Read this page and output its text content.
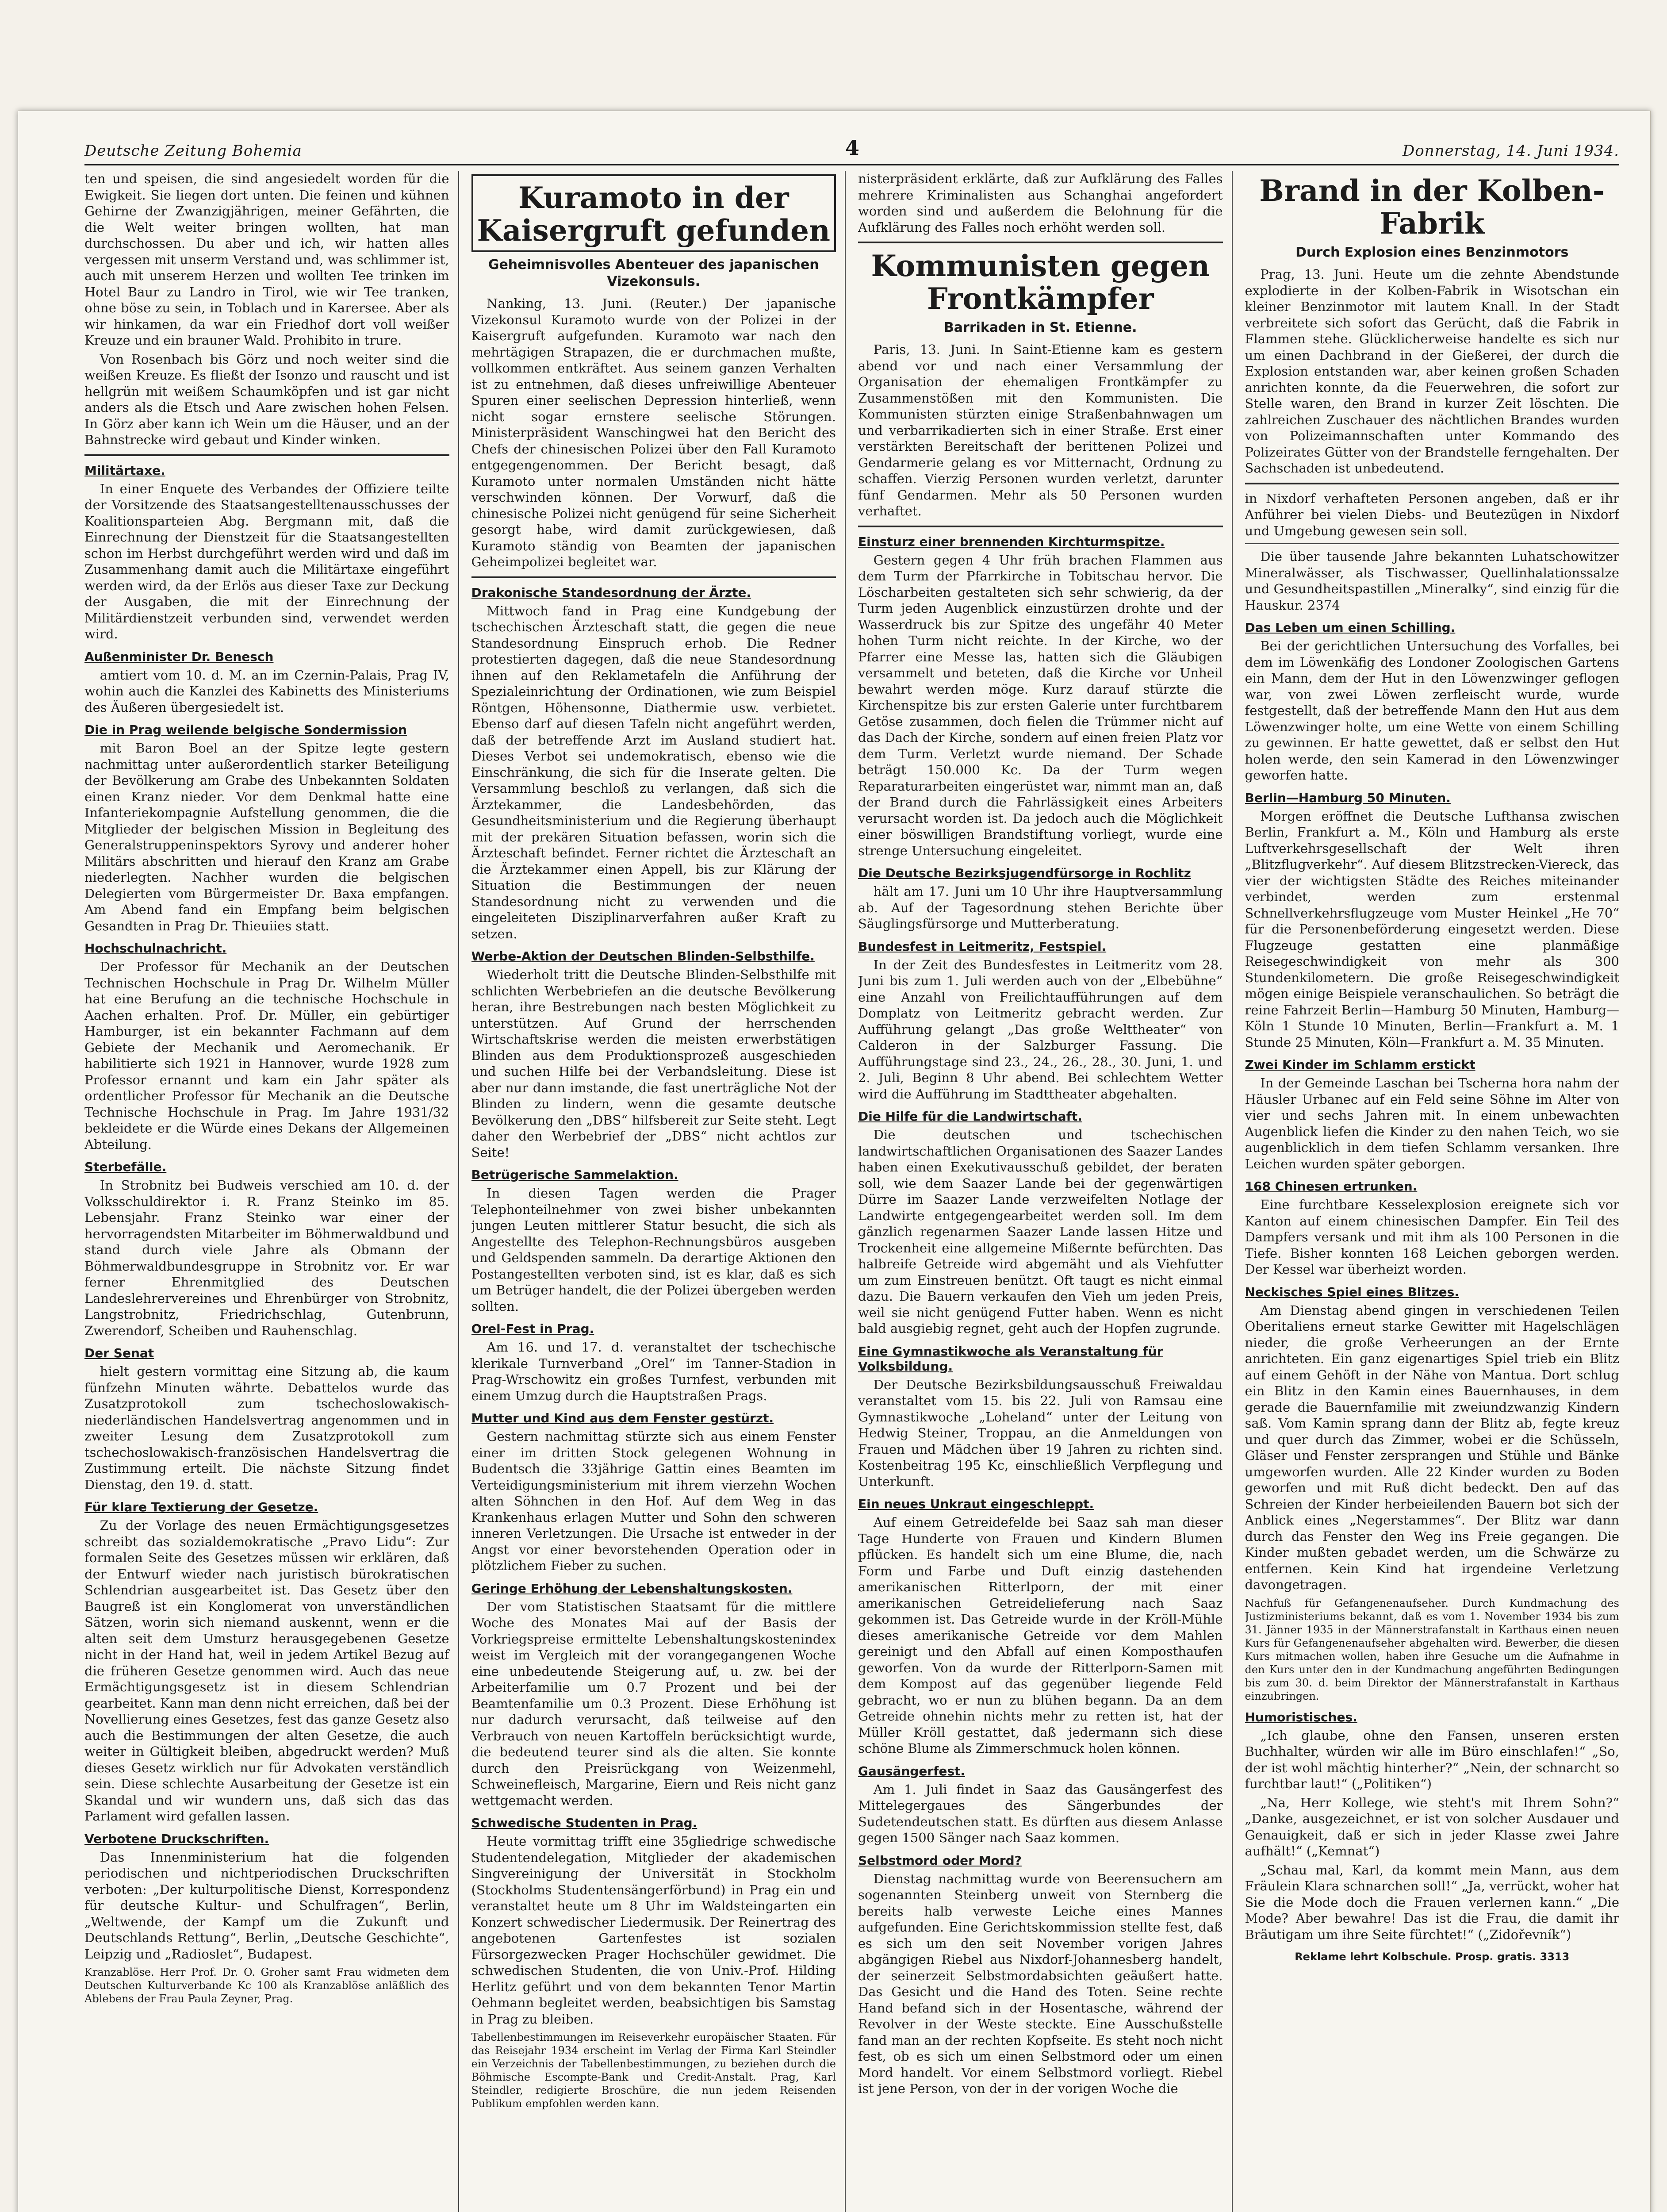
Deutsche Zeitung Bohemia	4	Donnerstag, 14. Juni 1934.
ten und speisen, die sind angesiedelt worden für die Ewigkeit. Sie liegen dort unten. Die feinen und kühnen Gehirne der Zwanzigjährigen, meiner Gefährten, die die Welt weiter bringen wollten, hat man durchschossen. Du aber und ich, wir hatten alles vergessen mit unserm Verstand und, was schlimmer ist, auch mit unserem Herzen und wollten Tee trinken im Hotel Baur zu Landro in Tirol, wie wir Tee tranken, ohne böse zu sein, in Toblach und in Karersee. Aber als wir hinkamen, da war ein Friedhof dort voll weißer Kreuze und ein brauner Wald. Prohibito in trure.
Von Rosenbach bis Görz und noch weiter sind die weißen Kreuze. Es fließt der Isonzo und rauscht und ist hellgrün mit weißem Schaumköpfen und ist gar nicht anders als die Etsch und Aare zwischen hohen Felsen. In Görz aber kann ich Wein um die Häuser, und an der Bahnstrecke wird gebaut und Kinder winken.
Militärtaxe.
In einer Enquete des Verbandes der Offiziere teilte der Vorsitzende des Staatsangestelltenausschusses der Koalitionsparteien Abg. Bergmann mit, daß die Einrechnung der Dienstzeit für die Staatsangestellten schon im Herbst durchgeführt werden wird und daß im Zusammenhang damit auch die Militärtaxe eingeführt werden wird, da der Erlös aus dieser Taxe zur Deckung der Ausgaben, die mit der Einrechnung der Militärdienstzeit verbunden sind, verwendet werden wird.
Außenminister Dr. Benesch
amtiert vom 10. d. M. an im Czernin-Palais, Prag IV, wohin auch die Kanzlei des Kabinetts des Ministeriums des Äußeren übergesiedelt ist.
Die in Prag weilende belgische Sondermission
mit Baron Boel an der Spitze legte gestern nachmittag unter außerordentlich starker Beteiligung der Bevölkerung am Grabe des Unbekannten Soldaten einen Kranz nieder. Vor dem Denkmal hatte eine Infanteriekompagnie Aufstellung genommen, die die Mitglieder der belgischen Mission in Begleitung des Generalstruppeninspektors Syrovy und anderer hoher Militärs abschritten und hierauf den Kranz am Grabe niederlegten. Nachher wurden die belgischen Delegierten vom Bürgermeister Dr. Baxa empfangen. Am Abend fand ein Empfang beim belgischen Gesandten in Prag Dr. Thieuiies statt.
Hochschulnachricht.
Der Professor für Mechanik an der Deutschen Technischen Hochschule in Prag Dr. Wilhelm Müller hat eine Berufung an die technische Hochschule in Aachen erhalten. Prof. Dr. Müller, ein gebürtiger Hamburger, ist ein bekannter Fachmann auf dem Gebiete der Mechanik und Aeromechanik. Er habilitierte sich 1921 in Hannover, wurde 1928 zum Professor ernannt und kam ein Jahr später als ordentlicher Professor für Mechanik an die Deutsche Technische Hochschule in Prag. Im Jahre 1931/32 bekleidete er die Würde eines Dekans der Allgemeinen Abteilung.
Sterbefälle.
In Strobnitz bei Budweis verschied am 10. d. der Volksschuldirektor i. R. Franz Steinko im 85. Lebensjahr. Franz Steinko war einer der hervorragendsten Mitarbeiter im Böhmerwaldbund und stand durch viele Jahre als Obmann der Böhmerwaldbundesgruppe in Strobnitz vor. Er war ferner Ehrenmitglied des Deutschen Landeslehrervereines und Ehrenbürger von Strobnitz, Langstrobnitz, Friedrichschlag, Gutenbrunn, Zwerendorf, Scheiben und Rauhenschlag.
Der Senat
hielt gestern vormittag eine Sitzung ab, die kaum fünfzehn Minuten währte. Debattelos wurde das Zusatzprotokoll zum tschechoslowakisch-niederländischen Handelsvertrag angenommen und in zweiter Lesung dem Zusatzprotokoll zum tschechoslowakisch-französischen Handelsvertrag die Zustimmung erteilt. Die nächste Sitzung findet Dienstag, den 19. d. statt.
Für klare Textierung der Gesetze.
Zu der Vorlage des neuen Ermächtigungsgesetzes schreibt das sozialdemokratische „Pravo Lidu“: Zur formalen Seite des Gesetzes müssen wir erklären, daß der Entwurf wieder nach juristisch bürokratischen Schlendrian ausgearbeitet ist. Das Gesetz über den Baugreß ist ein Konglomerat von unverständlichen Sätzen, worin sich niemand auskennt, wenn er die alten seit dem Umsturz herausgegebenen Gesetze nicht in der Hand hat, weil in jedem Artikel Bezug auf die früheren Gesetze genommen wird. Auch das neue Ermächtigungsgesetz ist in diesem Schlendrian gearbeitet. Kann man denn nicht erreichen, daß bei der Novellierung eines Gesetzes, fest das ganze Gesetz also auch die Bestimmungen der alten Gesetze, die auch weiter in Gültigkeit bleiben, abgedruckt werden? Muß dieses Gesetz wirklich nur für Advokaten verständlich sein. Diese schlechte Ausarbeitung der Gesetze ist ein Skandal und wir wundern uns, daß sich das das Parlament wird gefallen lassen.
Verbotene Druckschriften.
Das Innenministerium hat die folgenden periodischen und nichtperiodischen Druckschriften verboten: „Der kulturpolitische Dienst, Korrespondenz für deutsche Kultur- und Schulfragen“, Berlin, „Weltwende, der Kampf um die Zukunft und Deutschlands Rettung“, Berlin, „Deutsche Geschichte“, Leipzig und „Radioslet“, Budapest.
Kranzablöse. Herr Prof. Dr. O. Groher samt Frau widmeten dem Deutschen Kulturverbande Kc 100 als Kranzablöse anläßlich des Ablebens der Frau Paula Zeyner, Prag.
Kuramoto in der Kaisergruft gefunden
Geheimnisvolles Abenteuer des japanischen Vizekonsuls.
Nanking, 13. Juni. (Reuter.) Der japanische Vizekonsul Kuramoto wurde von der Polizei in der Kaisergruft aufgefunden. Kuramoto war nach den mehrtägigen Strapazen, die er durchmachen mußte, vollkommen entkräftet. Aus seinem ganzen Verhalten ist zu entnehmen, daß dieses unfreiwillige Abenteuer Spuren einer seelischen Depression hinterließ, wenn nicht sogar ernstere seelische Störungen. Ministerpräsident Wanschingwei hat den Bericht des Chefs der chinesischen Polizei über den Fall Kuramoto entgegengenommen. Der Bericht besagt, daß Kuramoto unter normalen Umständen nicht hätte verschwinden können. Der Vorwurf, daß die chinesische Polizei nicht genügend für seine Sicherheit gesorgt habe, wird damit zurückgewiesen, daß Kuramoto ständig von Beamten der japanischen Geheimpolizei begleitet war.
Drakonische Standesordnung der Ärzte.
Mittwoch fand in Prag eine Kundgebung der tschechischen Ärzteschaft statt, die gegen die neue Standesordnung Einspruch erhob. Die Redner protestierten dagegen, daß die neue Standesordnung ihnen auf den Reklametafeln die Anführung der Spezialeinrichtung der Ordinationen, wie zum Beispiel Röntgen, Höhensonne, Diathermie usw. verbietet. Ebenso darf auf diesen Tafeln nicht angeführt werden, daß der betreffende Arzt im Ausland studiert hat. Dieses Verbot sei undemokratisch, ebenso wie die Einschränkung, die sich für die Inserate gelten. Die Versammlung beschloß zu verlangen, daß sich die Ärztekammer, die Landesbehörden, das Gesundheitsministerium und die Regierung überhaupt mit der prekären Situation befassen, worin sich die Ärzteschaft befindet. Ferner richtet die Ärzteschaft an die Ärztekammer einen Appell, bis zur Klärung der Situation die Bestimmungen der neuen Standesordnung nicht zu verwenden und die eingeleiteten Disziplinarverfahren außer Kraft zu setzen.
Werbe-Aktion der Deutschen Blinden-Selbsthilfe.
Wiederholt tritt die Deutsche Blinden-Selbsthilfe mit schlichten Werbebriefen an die deutsche Bevölkerung heran, ihre Bestrebungen nach besten Möglichkeit zu unterstützen. Auf Grund der herrschenden Wirtschaftskrise werden die meisten erwerbstätigen Blinden aus dem Produktionsprozeß ausgeschieden und suchen Hilfe bei der Verbandsleitung. Diese ist aber nur dann imstande, die fast unerträgliche Not der Blinden zu lindern, wenn die gesamte deutsche Bevölkerung den „DBS“ hilfsbereit zur Seite steht. Legt daher den Werbebrief der „DBS“ nicht achtlos zur Seite!
Betrügerische Sammelaktion.
In diesen Tagen werden die Prager Telephonteilnehmer von zwei bisher unbekannten jungen Leuten mittlerer Statur besucht, die sich als Angestellte des Telephon-Rechnungsbüros ausgeben und Geldspenden sammeln. Da derartige Aktionen den Postangestellten verboten sind, ist es klar, daß es sich um Betrüger handelt, die der Polizei übergeben werden sollten.
Orel-Fest in Prag.
Am 16. und 17. d. veranstaltet der tschechische klerikale Turnverband „Orel“ im Tanner-Stadion in Prag-Wrschowitz ein großes Turnfest, verbunden mit einem Umzug durch die Hauptstraßen Prags.
Mutter und Kind aus dem Fenster gestürzt.
Gestern nachmittag stürzte sich aus einem Fenster einer im dritten Stock gelegenen Wohnung in Budentsch die 33jährige Gattin eines Beamten im Verteidigungsministerium mit ihrem vierzehn Wochen alten Söhnchen in den Hof. Auf dem Weg in das Krankenhaus erlagen Mutter und Sohn den schweren inneren Verletzungen. Die Ursache ist entweder in der Angst vor einer bevorstehenden Operation oder in plötzlichem Fieber zu suchen.
Geringe Erhöhung der Lebenshaltungskosten.
Der vom Statistischen Staatsamt für die mittlere Woche des Monates Mai auf der Basis der Vorkriegspreise ermittelte Lebenshaltungskostenindex weist im Vergleich mit der vorangegangenen Woche eine unbedeutende Steigerung auf, u. zw. bei der Arbeiterfamilie um 0.7 Prozent und bei der Beamtenfamilie um 0.3 Prozent. Diese Erhöhung ist nur dadurch verursacht, daß teilweise auf den Verbrauch von neuen Kartoffeln berücksichtigt wurde, die bedeutend teurer sind als die alten. Sie konnte durch den Preisrückgang von Weizenmehl, Schweinefleisch, Margarine, Eiern und Reis nicht ganz wettgemacht werden.
Schwedische Studenten in Prag.
Heute vormittag trifft eine 35gliedrige schwedische Studentendelegation, Mitglieder der akademischen Singvereinigung der Universität in Stockholm (Stockholms Studentensängerförbund) in Prag ein und veranstaltet heute um 8 Uhr im Waldsteingarten ein Konzert schwedischer Liedermusik. Der Reinertrag des angebotenen Gartenfestes ist sozialen Fürsorgezwecken Prager Hochschüler gewidmet. Die schwedischen Studenten, die von Univ.-Prof. Hilding Herlitz geführt und von dem bekannten Tenor Martin Oehmann begleitet werden, beabsichtigen bis Samstag in Prag zu bleiben.
Tabellenbestimmungen im Reiseverkehr europäischer Staaten. Für das Reisejahr 1934 erscheint im Verlag der Firma Karl Steindler ein Verzeichnis der Tabellenbestimmungen, zu beziehen durch die Böhmische Escompte-Bank und Credit-Anstalt. Prag, Karl Steindler, redigierte Broschüre, die nun jedem Reisenden Publikum empfohlen werden kann.
nisterpräsident erklärte, daß zur Aufklärung des Falles mehrere Kriminalisten aus Schanghai angefordert worden sind und außerdem die Belohnung für die Aufklärung des Falles noch erhöht werden soll.
Kommunisten gegen Frontkämpfer
Barrikaden in St. Etienne.
Paris, 13. Juni. In Saint-Etienne kam es gestern abend vor und nach einer Versammlung der Organisation der ehemaligen Frontkämpfer zu Zusammenstößen mit den Kommunisten. Die Kommunisten stürzten einige Straßenbahnwagen um und verbarrikadierten sich in einer Straße. Erst einer verstärkten Bereitschaft der berittenen Polizei und Gendarmerie gelang es vor Mitternacht, Ordnung zu schaffen. Vierzig Personen wurden verletzt, darunter fünf Gendarmen. Mehr als 50 Personen wurden verhaftet.
Einsturz einer brennenden Kirchturmspitze.
Gestern gegen 4 Uhr früh brachen Flammen aus dem Turm der Pfarrkirche in Tobitschau hervor. Die Löscharbeiten gestalteten sich sehr schwierig, da der Turm jeden Augenblick einzustürzen drohte und der Wasserdruck bis zur Spitze des ungefähr 40 Meter hohen Turm nicht reichte. In der Kirche, wo der Pfarrer eine Messe las, hatten sich die Gläubigen versammelt und beteten, daß die Kirche vor Unheil bewahrt werden möge. Kurz darauf stürzte die Kirchenspitze bis zur ersten Galerie unter furchtbarem Getöse zusammen, doch fielen die Trümmer nicht auf das Dach der Kirche, sondern auf einen freien Platz vor dem Turm. Verletzt wurde niemand. Der Schade beträgt 150.000 Kc. Da der Turm wegen Reparaturarbeiten eingerüstet war, nimmt man an, daß der Brand durch die Fahrlässigkeit eines Arbeiters verursacht worden ist. Da jedoch auch die Möglichkeit einer böswilligen Brandstiftung vorliegt, wurde eine strenge Untersuchung eingeleitet.
Die Deutsche Bezirksjugendfürsorge in Rochlitz
hält am 17. Juni um 10 Uhr ihre Hauptversammlung ab. Auf der Tagesordnung stehen Berichte über Säuglingsfürsorge und Mutterberatung.
Bundesfest in Leitmeritz, Festspiel.
In der Zeit des Bundesfestes in Leitmeritz vom 28. Juni bis zum 1. Juli werden auch von der „Elbebühne“ eine Anzahl von Freilichtaufführungen auf dem Domplatz von Leitmeritz gebracht werden. Zur Aufführung gelangt „Das große Welttheater“ von Calderon in der Salzburger Fassung. Die Aufführungstage sind 23., 24., 26., 28., 30. Juni, 1. und 2. Juli, Beginn 8 Uhr abend. Bei schlechtem Wetter wird die Aufführung im Stadttheater abgehalten.
Die Hilfe für die Landwirtschaft.
Die deutschen und tschechischen landwirtschaftlichen Organisationen des Saazer Landes haben einen Exekutivausschuß gebildet, der beraten soll, wie dem Saazer Lande bei der gegenwärtigen Dürre im Saazer Lande verzweifelten Notlage der Landwirte entgegengearbeitet werden soll. Im dem gänzlich regenarmen Saazer Lande lassen Hitze und Trockenheit eine allgemeine Mißernte befürchten. Das halbreife Getreide wird abgemäht und als Viehfutter um zum Einstreuen benützt. Oft taugt es nicht einmal dazu. Die Bauern verkaufen den Vieh um jeden Preis, weil sie nicht genügend Futter haben. Wenn es nicht bald ausgiebig regnet, geht auch der Hopfen zugrunde.
Eine Gymnastikwoche als Veranstaltung für Volksbildung.
Der Deutsche Bezirksbildungsausschuß Freiwaldau veranstaltet vom 15. bis 22. Juli von Ramsau eine Gymnastikwoche „Loheland“ unter der Leitung von Hedwig Steiner, Troppau, an die Anmeldungen von Frauen und Mädchen über 19 Jahren zu richten sind. Kostenbeitrag 195 Kc, einschließlich Verpflegung und Unterkunft.
Ein neues Unkraut eingeschleppt.
Auf einem Getreidefelde bei Saaz sah man dieser Tage Hunderte von Frauen und Kindern Blumen pflücken. Es handelt sich um eine Blume, die, nach Form und Farbe und Duft einzig dastehenden amerikanischen Ritterlporn, der mit einer amerikanischen Getreidelieferung nach Saaz gekommen ist. Das Getreide wurde in der Kröll-Mühle dieses amerikanische Getreide vor dem Mahlen gereinigt und den Abfall auf einen Komposthaufen geworfen. Von da wurde der Ritterlporn-Samen mit dem Kompost auf das gegenüber liegende Feld gebracht, wo er nun zu blühen begann. Da an dem Getreide ohnehin nichts mehr zu retten ist, hat der Müller Kröll gestattet, daß jedermann sich diese schöne Blume als Zimmerschmuck holen können.
Gausängerfest.
Am 1. Juli findet in Saaz das Gausängerfest des Mittelegergaues des Sängerbundes der Sudetendeutschen statt. Es dürften aus diesem Anlasse gegen 1500 Sänger nach Saaz kommen.
Selbstmord oder Mord?
Dienstag nachmittag wurde von Beerensuchern am sogenannten Steinberg unweit von Sternberg die bereits halb verweste Leiche eines Mannes aufgefunden. Eine Gerichtskommission stellte fest, daß es sich um den seit November vorigen Jahres abgängigen Riebel aus Nixdorf-Johannesberg handelt, der seinerzeit Selbstmordabsichten geäußert hatte. Das Gesicht und die Hand des Toten. Seine rechte Hand befand sich in der Hosentasche, während der Revolver in der Weste steckte. Eine Ausschußstelle fand man an der rechten Kopfseite. Es steht noch nicht fest, ob es sich um einen Selbstmord oder um einen Mord handelt. Vor einem Selbstmord vorliegt. Riebel ist jene Person, von der in der vorigen Woche die
Brand in der Kolben-Fabrik
Durch Explosion eines Benzinmotors
Prag, 13. Juni. Heute um die zehnte Abendstunde explodierte in der Kolben-Fabrik in Wisotschan ein kleiner Benzinmotor mit lautem Knall. In der Stadt verbreitete sich sofort das Gerücht, daß die Fabrik in Flammen stehe. Glücklicherweise handelte es sich nur um einen Dachbrand in der Gießerei, der durch die Explosion entstanden war, aber keinen großen Schaden anrichten konnte, da die Feuerwehren, die sofort zur Stelle waren, den Brand in kurzer Zeit löschten. Die zahlreichen Zuschauer des nächtlichen Brandes wurden von Polizeimannschaften unter Kommando des Polizeirates Gütter von der Brandstelle ferngehalten. Der Sachschaden ist unbedeutend.
in Nixdorf verhafteten Personen angeben, daß er ihr Anführer bei vielen Diebs- und Beutezügen in Nixdorf und Umgebung gewesen sein soll.
Die über tausende Jahre bekannten Luhatschowitzer Mineralwässer, als Tischwasser, Quellinhalationssalze und Gesundheitspastillen „Mineralky“, sind einzig für die Hauskur. 2374
Das Leben um einen Schilling.
Bei der gerichtlichen Untersuchung des Vorfalles, bei dem im Löwenkäfig des Londoner Zoologischen Gartens ein Mann, dem der Hut in den Löwenzwinger geflogen war, von zwei Löwen zerfleischt wurde, wurde festgestellt, daß der betreffende Mann den Hut aus dem Löwenzwinger holte, um eine Wette von einem Schilling zu gewinnen. Er hatte gewettet, daß er selbst den Hut holen werde, den sein Kamerad in den Löwenzwinger geworfen hatte.
Berlin—Hamburg 50 Minuten.
Morgen eröffnet die Deutsche Lufthansa zwischen Berlin, Frankfurt a. M., Köln und Hamburg als erste Luftverkehrsgesellschaft der Welt ihren „Blitzflugverkehr“. Auf diesem Blitzstrecken-Viereck, das vier der wichtigsten Städte des Reiches miteinander verbindet, werden zum erstenmal Schnellverkehrsflugzeuge vom Muster Heinkel „He 70“ für die Personenbeförderung eingesetzt werden. Diese Flugzeuge gestatten eine planmäßige Reisegeschwindigkeit von mehr als 300 Stundenkilometern. Die große Reisegeschwindigkeit mögen einige Beispiele veranschaulichen. So beträgt die reine Fahrzeit Berlin—Hamburg 50 Minuten, Hamburg—Köln 1 Stunde 10 Minuten, Berlin—Frankfurt a. M. 1 Stunde 25 Minuten, Köln—Frankfurt a. M. 35 Minuten.
Zwei Kinder im Schlamm erstickt
In der Gemeinde Laschan bei Tscherna hora nahm der Häusler Urbanec auf ein Feld seine Söhne im Alter von vier und sechs Jahren mit. In einem unbewachten Augenblick liefen die Kinder zu den nahen Teich, wo sie augenblicklich in dem tiefen Schlamm versanken. Ihre Leichen wurden später geborgen.
168 Chinesen ertrunken.
Eine furchtbare Kesselexplosion ereignete sich vor Kanton auf einem chinesischen Dampfer. Ein Teil des Dampfers versank und mit ihm als 100 Personen in die Tiefe. Bisher konnten 168 Leichen geborgen werden. Der Kessel war überheizt worden.
Neckisches Spiel eines Blitzes.
Am Dienstag abend gingen in verschiedenen Teilen Oberitaliens erneut starke Gewitter mit Hagelschlägen nieder, die große Verheerungen an der Ernte anrichteten. Ein ganz eigenartiges Spiel trieb ein Blitz auf einem Gehöft in der Nähe von Mantua. Dort schlug ein Blitz in den Kamin eines Bauernhauses, in dem gerade die Bauernfamilie mit zweiundzwanzig Kindern saß. Vom Kamin sprang dann der Blitz ab, fegte kreuz und quer durch das Zimmer, wobei er die Schüsseln, Gläser und Fenster zersprangen und Stühle und Bänke umgeworfen wurden. Alle 22 Kinder wurden zu Boden geworfen und mit Ruß dicht bedeckt. Den auf das Schreien der Kinder herbeieilenden Bauern bot sich der Anblick eines „Negerstammes“. Der Blitz war dann durch das Fenster den Weg ins Freie gegangen. Die Kinder mußten gebadet werden, um die Schwärze zu entfernen. Kein Kind hat irgendeine Verletzung davongetragen.
Nachfuß für Gefangenenaufseher. Durch Kundmachung des Justizministeriums bekannt, daß es vom 1. November 1934 bis zum 31. Jänner 1935 in der Männerstrafanstalt in Karthaus einen neuen Kurs für Gefangenenaufseher abgehalten wird. Bewerber, die diesen Kurs mitmachen wollen, haben ihre Gesuche um die Aufnahme in den Kurs unter den in der Kundmachung angeführten Bedingungen bis zum 30. d. beim Direktor der Männerstrafanstalt in Karthaus einzubringen.
Humoristisches.
„Ich glaube, ohne den Fansen, unseren ersten Buchhalter, würden wir alle im Büro einschlafen!“ „So, der ist wohl mächtig hinterher?“ „Nein, der schnarcht so furchtbar laut!“ („Politiken“)
„Na, Herr Kollege, wie steht's mit Ihrem Sohn?“ „Danke, ausgezeichnet, er ist von solcher Ausdauer und Genauigkeit, daß er sich in jeder Klasse zwei Jahre aufhält!“ („Kemnat“)
„Schau mal, Karl, da kommt mein Mann, aus dem Fräulein Klara schnarchen soll!“ „Ja, verrückt, woher hat Sie die Mode doch die Frauen verlernen kann.“ „Die Mode? Aber bewahre! Das ist die Frau, die damit ihr Bräutigam um ihre Seite fürchtet!“ („Zidořevník“)
Reklame lehrt Kolbschule. Prosp. gratis. 3313
